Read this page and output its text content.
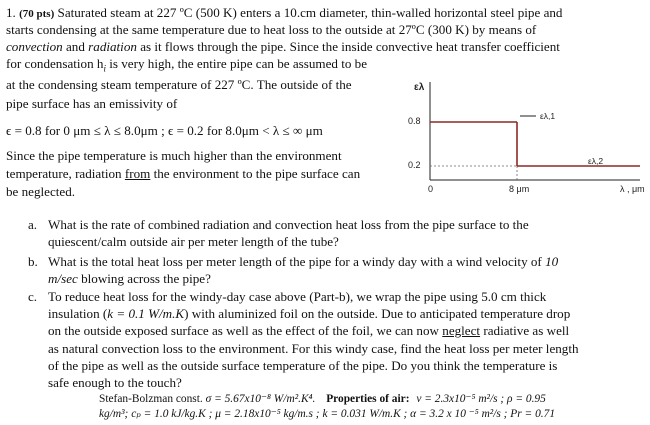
1. (70 pts) Saturated steam at 227 ºC (500 K) enters a 10.cm diameter, thin-walled horizontal steel pipe and
starts condensing at the same temperature due to heat loss to the outside at 27ºC (300 K) by means of
convection and radiation as it flows through the pipe. Since the inside convective heat transfer coefficient
for condensation $h_i$ is very high, the entire pipe can be assumed to be
at the condensing steam temperature of 227 ºC. The outside of the
pipe surface has an emissivity of
ϵ = 0.8 for 0 μm ≤ λ ≤ 8.0μm ; ϵ = 0.2 for 8.0μm < λ ≤ ∞ μm
Since the pipe temperature is much higher than the environment
temperature, radiation from the environment to the pipe surface can
be neglected.
ελ
0.8
0.2
0	8 μm	λ , μm
ελ,1
ελ,2
a. What is the rate of combined radiation and convection heat loss from the pipe surface to the
quiescent/calm outside air per meter length of the tube?
b. What is the total heat loss per meter length of the pipe for a windy day with a wind velocity of 10
m/sec blowing across the pipe?
c. To reduce heat loss for the windy-day case above (Part-b), we wrap the pipe using 5.0 cm thick
insulation (k = 0.1 W/m.K) with aluminized foil on the outside. Due to anticipated temperature drop
on the outside exposed surface as well as the effect of the foil, we can now neglect radiative as well
as natural convection loss to the environment. For this windy case, find the heat loss per meter length
of the pipe as well as the outside surface temperature of the pipe. Do you think the temperature is
safe enough to the touch?
Stefan-Bolzman const. σ = 5.67x10⁻⁸ W/m².K⁴. Properties of air: ν = 2.3x10⁻⁵ m²/s ; ρ = 0.95
kg/m³; cₚ = 1.0 kJ/kg.K ; μ = 2.18x10⁻⁵ kg/m.s ; k = 0.031 W/m.K ; α = 3.2 x 10 ⁻⁵ m²/s ; Pr = 0.71
